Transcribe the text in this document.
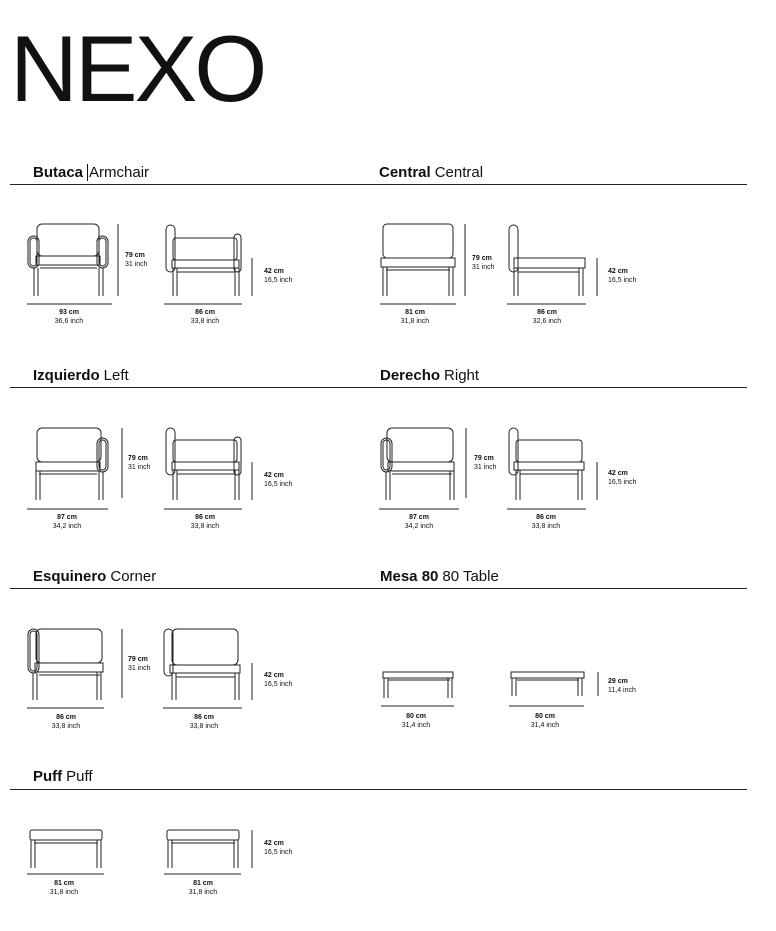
NEXO
Butaca Armchair	Central Central
Izquierdo Left	Derecho Right
Esquinero Corner	Mesa 80 80 Table
Puff Puff
93 cm
36,6 inch
86 cm
33,8 inch
79 cm
31 inch
42 cm
16,5 inch
81 cm
31,8 inch
86 cm
32,6 inch
79 cm
31 inch
42 cm
16,5 inch
87 cm
34,2 inch
86 cm
33,8 inch
79 cm
31 inch
42 cm
16,5 inch
87 cm
34,2 inch
86 cm
33,8 inch
79 cm
31 inch
42 cm
16,5 inch
86 cm
33,8 inch
86 cm
33,8 inch
79 cm
31 inch
42 cm
16,5 inch
80 cm
31,4 inch
80 cm
31,4 inch
29 cm
11,4 inch
81 cm
31,8 inch
81 cm
31,8 inch
42 cm
16,5 inch
